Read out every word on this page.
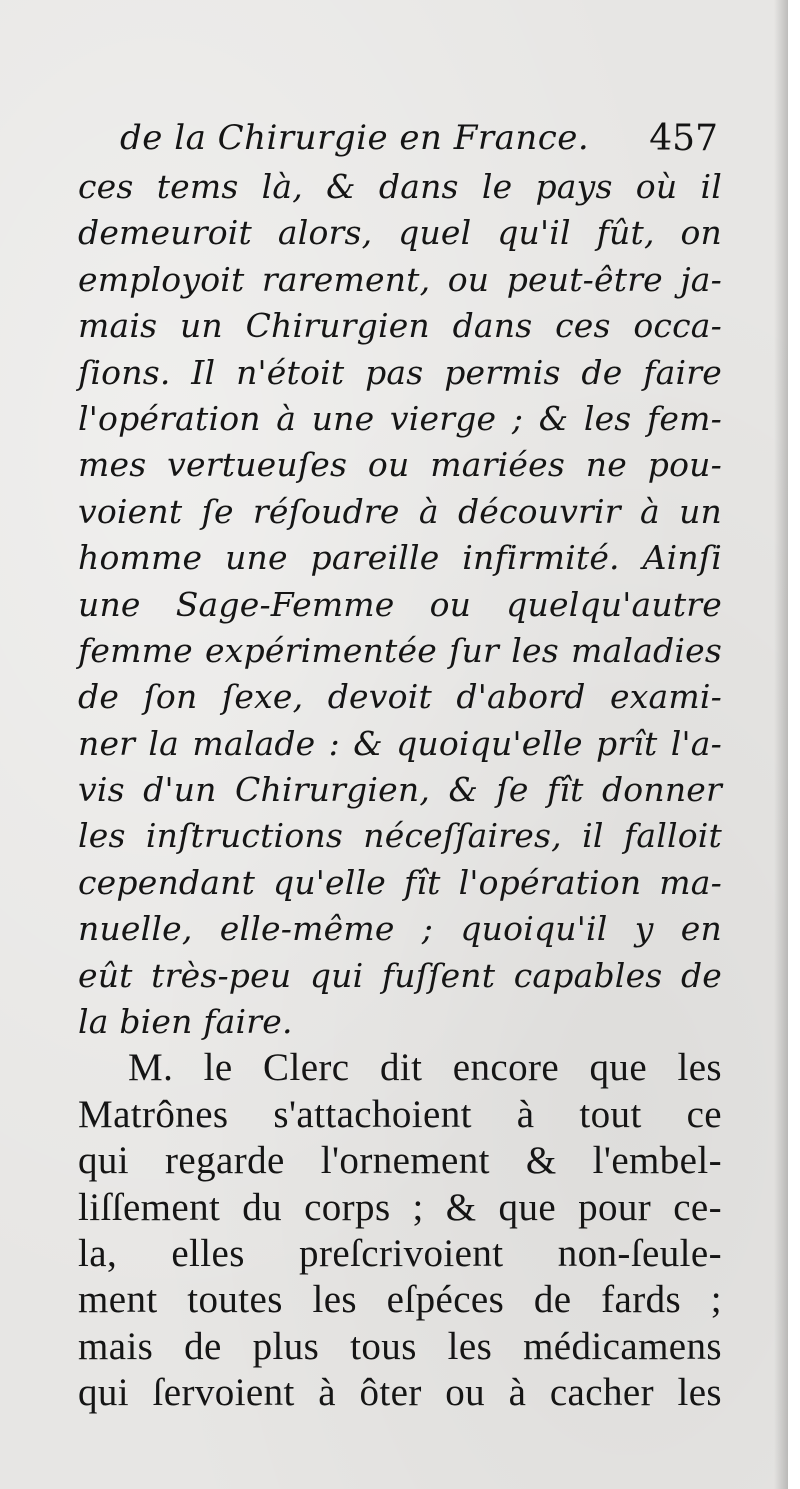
de la Chirurgie en France. 457
ces tems là, & dans le pays où il
demeuroit alors, quel qu'il fût, on
employoit rarement, ou peut-être ja-
mais un Chirurgien dans ces occa-
ſions. Il n'étoit pas permis de faire
l'opération à une vierge ; & les fem-
mes vertueuſes ou mariées ne pou-
voient ſe réſoudre à découvrir à un
homme une pareille infirmité. Ainſi
une Sage-Femme ou quelqu'autre
femme expérimentée ſur les maladies
de ſon ſexe, devoit d'abord exami-
ner la malade : & quoiqu'elle prît l'a-
vis d'un Chirurgien, & ſe fît donner
les inſtructions néceſſaires, il falloit
cependant qu'elle fît l'opération ma-
nuelle, elle-même ; quoiqu'il y en
eût très-peu qui fuſſent capables de
la bien faire.
M. le Clerc dit encore que les
Matrônes s'attachoient à tout ce
qui regarde l'ornement & l'embel-
liſſement du corps ; & que pour ce-
la, elles preſcrivoient non-ſeule-
ment toutes les eſpéces de fards ;
mais de plus tous les médicamens
qui ſervoient à ôter ou à cacher les
